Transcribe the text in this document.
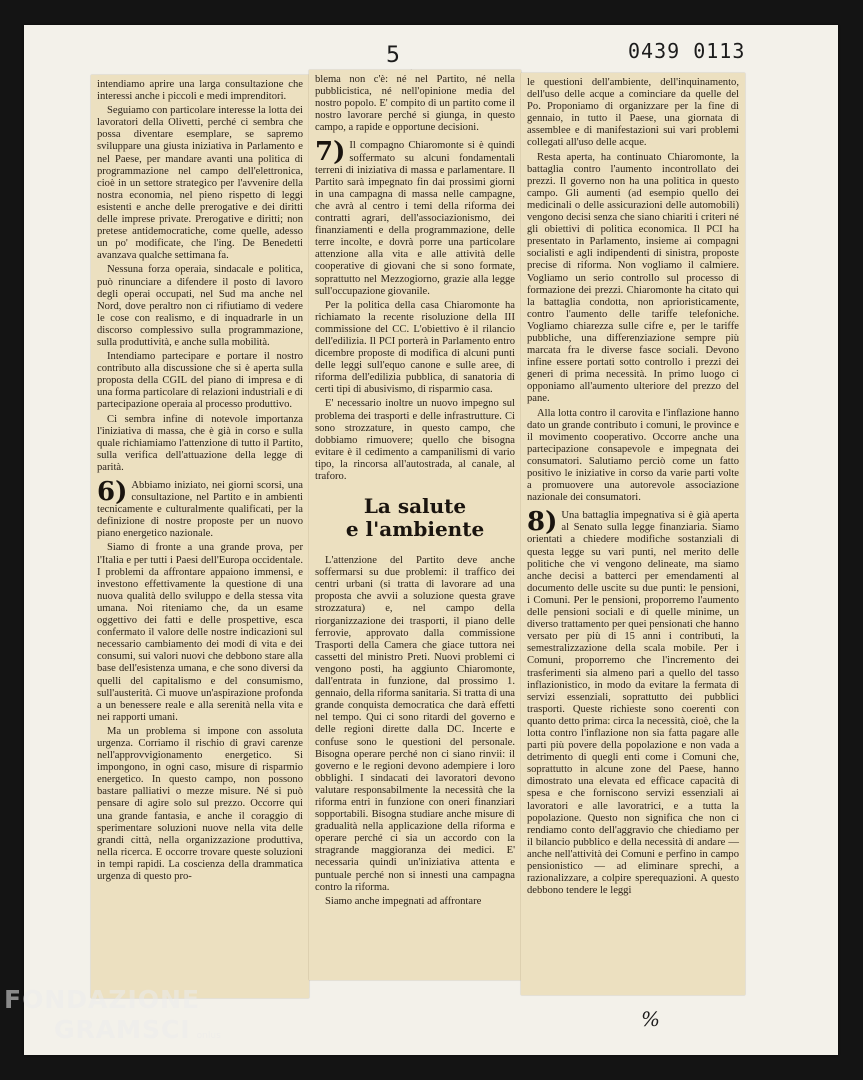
0439 0113
5
%

intendiamo aprire una larga consultazione che interessi anche i piccoli e medi imprenditori.

Seguiamo con particolare interesse la lotta dei lavoratori della Olivetti, perché ci sembra che possa diventare esemplare, se sapremo sviluppare una giusta iniziativa in Parlamento e nel Paese, per mandare avanti una politica di programmazione nel campo dell'elettronica, cioè in un settore strategico per l'avvenire della nostra economia, nel pieno rispetto di leggi esistenti e anche delle prerogative e dei diritti delle imprese private. Prerogative e diritti; non pretese antidemocratiche, come quelle, adesso un po' modificate, che l'ing. De Benedetti avanzava qualche settimana fa.

Nessuna forza operaia, sindacale e politica, può rinunciare a difendere il posto di lavoro degli operai occupati, nel Sud ma anche nel Nord, dove peraltro non ci rifiutiamo di vedere le cose con realismo, e di inquadrarle in un discorso complessivo sulla programmazione, sulla produttività, e anche sulla mobilità.

Intendiamo partecipare e portare il nostro contributo alla discussione che si è aperta sulla proposta della CGIL del piano di impresa e di una forma particolare di relazioni industriali e di partecipazione operaia al processo produttivo.

Ci sembra infine di notevole importanza l'iniziativa di massa, che è già in corso e sulla quale richiamiamo l'attenzione di tutto il Partito, sulla verifica dell'attuazione della legge di parità.

6) Abbiamo iniziato, nei giorni scorsi, una consultazione, nel Partito e in ambienti tecnicamente e culturalmente qualificati, per la definizione di nostre proposte per un nuovo piano energetico nazionale.

Siamo di fronte a una grande prova, per l'Italia e per tutti i Paesi dell'Europa occidentale. I problemi da affrontare appaiono immensi, e investono effettivamente la questione di una nuova qualità dello sviluppo e della stessa vita umana. Noi riteniamo che, da un esame oggettivo dei fatti e delle prospettive, esca confermato il valore delle nostre indicazioni sul necessario cambiamento dei modi di vita e dei consumi, sui valori nuovi che debbono stare alla base dell'esistenza umana, e che sono diversi da quelli del capitalismo e del consumismo, sull'austerità. Ci muove un'aspirazione profonda a un benessere reale e alla serenità nella vita e nei rapporti umani.

Ma un problema si impone con assoluta urgenza. Corriamo il rischio di gravi carenze nell'approvvigionamento energetico. Si impongono, in ogni caso, misure di risparmio energetico. In questo campo, non possono bastare palliativi o mezze misure. Né si può pensare di agire solo sul prezzo. Occorre qui una grande fantasia, e anche il coraggio di sperimentare soluzioni nuove nella vita delle grandi città, nella organizzazione produttiva, nella ricerca. E occorre trovare queste soluzioni in tempi rapidi. La coscienza della drammatica urgenza di questo pro-

blema non c'è: né nel Partito, né nella pubblicistica, né nell'opinione media del nostro popolo. E' compito di un partito come il nostro lavorare perché si giunga, in questo campo, a rapide e opportune decisioni.

7) Il compagno Chiaromonte si è quindi soffermato su alcuni fondamentali terreni di iniziativa di massa e parlamentare. Il Partito sarà impegnato fin dai prossimi giorni in una campagna di massa nelle campagne, che avrà al centro i temi della riforma dei contratti agrari, dell'associazionismo, dei finanziamenti e della programmazione, delle terre incolte, e dovrà porre una particolare attenzione alla vita e alle attività delle cooperative di giovani che si sono formate, soprattutto nel Mezzogiorno, grazie alla legge sull'occupazione giovanile.

Per la politica della casa Chiaromonte ha richiamato la recente risoluzione della III commissione del CC. L'obiettivo è il rilancio dell'edilizia. Il PCI porterà in Parlamento entro dicembre proposte di modifica di alcuni punti delle leggi sull'equo canone e sulle aree, di riforma dell'edilizia pubblica, di sanatoria di certi tipi di abusivismo, di risparmio casa.

E' necessario inoltre un nuovo impegno sul problema dei trasporti e delle infrastrutture. Ci sono strozzature, in questo campo, che dobbiamo rimuovere; quello che bisogna evitare è il cedimento a campanilismi di vario tipo, la rincorsa all'autostrada, al canale, al traforo.

La salute
e l'ambiente

L'attenzione del Partito deve anche soffermarsi su due problemi: il traffico dei centri urbani (si tratta di lavorare ad una proposta che avvii a soluzione questa grave strozzatura) e, nel campo della riorganizzazione dei trasporti, il piano delle ferrovie, approvato dalla commissione Trasporti della Camera che giace tuttora nei cassetti del ministro Preti. Nuovi problemi ci vengono posti, ha aggiunto Chiaromonte, dall'entrata in funzione, dal prossimo 1. gennaio, della riforma sanitaria. Si tratta di una grande conquista democratica che darà effetti nel tempo. Qui ci sono ritardi del governo e delle regioni dirette dalla DC. Incerte e confuse sono le questioni del personale. Bisogna operare perché non ci siano rinvii: il governo e le regioni devono adempiere i loro obblighi. I sindacati dei lavoratori devono valutare responsabilmente la necessità che la riforma entri in funzione con oneri finanziari sopportabili. Bisogna studiare anche misure di gradualità nella applicazione della riforma e operare perché ci sia un accordo con la stragrande maggioranza dei medici. E' necessaria quindi un'iniziativa attenta e puntuale perché non si innesti una campagna contro la riforma.

Siamo anche impegnati ad affrontare

le questioni dell'ambiente, dell'inquinamento, dell'uso delle acque a cominciare da quelle del Po. Proponiamo di organizzare per la fine di gennaio, in tutto il Paese, una giornata di assemblee e di manifestazioni sui vari problemi collegati all'uso delle acque.

Resta aperta, ha continuato Chiaromonte, la battaglia contro l'aumento incontrollato dei prezzi. Il governo non ha una politica in questo campo. Gli aumenti (ad esempio quello dei medicinali o delle assicurazioni delle automobili) vengono decisi senza che siano chiariti i criteri né gli obiettivi di politica economica. Il PCI ha presentato in Parlamento, insieme ai compagni socialisti e agli indipendenti di sinistra, proposte precise di riforma. Non vogliamo il calmiere. Vogliamo un serio controllo sul processo di formazione dei prezzi. Chiaromonte ha citato qui la battaglia condotta, non aprioristicamente, contro l'aumento delle tariffe telefoniche. Vogliamo chiarezza sulle cifre e, per le tariffe pubbliche, una differenziazione sempre più marcata fra le diverse fasce sociali. Devono infine essere portati sotto controllo i prezzi dei generi di prima necessità. In primo luogo ci opponiamo all'aumento ulteriore del prezzo del pane.

Alla lotta contro il carovita e l'inflazione hanno dato un grande contributo i comuni, le province e il movimento cooperativo. Occorre anche una partecipazione consapevole e impegnata dei consumatori. Salutiamo perciò come un fatto positivo le iniziative in corso da varie parti volte a promuovere una autorevole associazione nazionale dei consumatori.

8) Una battaglia impegnativa si è già aperta al Senato sulla legge finanziaria. Siamo orientati a chiedere modifiche sostanziali di questa legge su vari punti, nel merito delle politiche che vi vengono delineate, ma siamo anche decisi a batterci per emendamenti al documento delle uscite su due punti: le pensioni, i Comuni. Per le pensioni, proporremo l'aumento delle pensioni sociali e di quelle minime, un diverso trattamento per quei pensionati che hanno versato per più di 15 anni i contributi, la semestralizzazione della scala mobile. Per i Comuni, proporremo che l'incremento dei trasferimenti sia almeno pari a quello del tasso inflazionistico, in modo da evitare la fermata di servizi essenziali, soprattutto dei pubblici trasporti. Queste richieste sono coerenti con quanto detto prima: circa la necessità, cioè, che la lotta contro l'inflazione non sia fatta pagare alle parti più povere della popolazione e non vada a detrimento di quegli enti come i Comuni che, soprattutto in alcune zone del Paese, hanno dimostrato una elevata ed efficace capacità di spesa e che forniscono servizi essenziali ai lavoratori e alle lavoratrici, e a tutta la popolazione. Questo non significa che non ci rendiamo conto dell'aggravio che chiediamo per il bilancio pubblico e della necessità di andare — anche nell'attività dei Comuni e perfino in campo pensionistico — ad eliminare sprechi, a razionalizzare, a colpire sperequazioni. A questo debbono tendere le leggi

FONDAZIONE
GRAMSCI onlus
